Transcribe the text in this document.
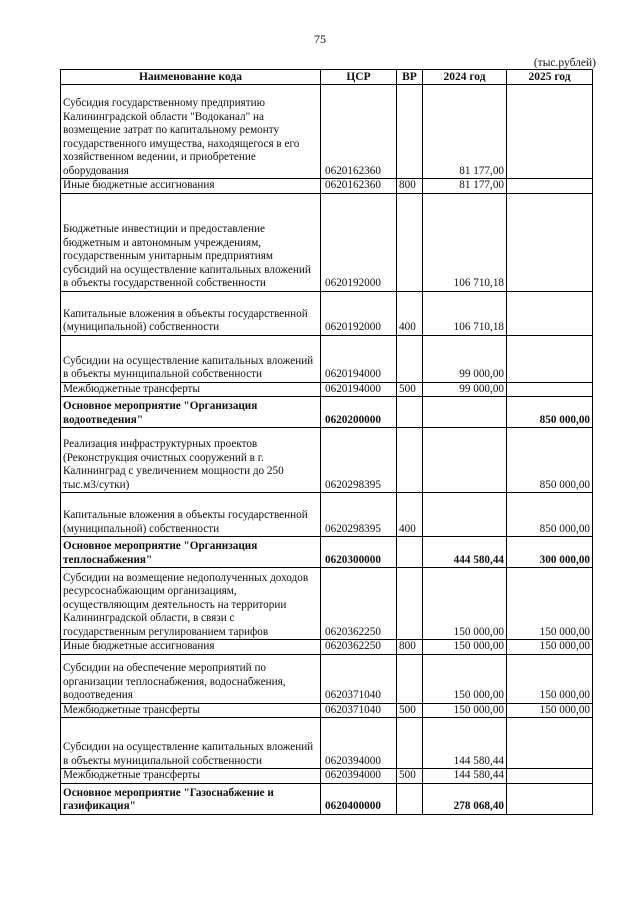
75
(тыс.рублей)
Наименование кода	ЦСР	ВР	2024 год	2025 год
Субсидия государственному предприятию Калининградской области "Водоканал" на возмещение затрат по капитальному ремонту государственного имущества, находящегося в его хозяйственном ведении, и приобретение оборудования	0620162360		81 177,00	
Иные бюджетные ассигнования	0620162360	800	81 177,00	
Бюджетные инвестиции и предоставление бюджетным и автономным учреждениям, государственным унитарным предприятиям субсидий на осуществление капитальных вложений в объекты государственной собственности	0620192000		106 710,18	
Капитальные вложения в объекты государственной (муниципальной) собственности	0620192000	400	106 710,18	
Субсидии на осуществление капитальных вложений в объекты муниципальной собственности	0620194000		99 000,00	
Межбюджетные трансферты	0620194000	500	99 000,00	
Основное мероприятие "Организация водоотведения"	0620200000			850 000,00
Реализация инфраструктурных проектов (Реконструкция очистных сооружений в г. Калининград с увеличением мощности до 250 тыс.м3/сутки)	0620298395			850 000,00
Капитальные вложения в объекты государственной (муниципальной) собственности	0620298395	400		850 000,00
Основное мероприятие "Организация теплоснабжения"	0620300000		444 580,44	300 000,00
Субсидии на возмещение недополученных доходов ресурсоснабжающим организациям, осуществляющим деятельность на территории Калининградской области, в связи с государственным регулированием тарифов	0620362250		150 000,00	150 000,00
Иные бюджетные ассигнования	0620362250	800	150 000,00	150 000,00
Субсидии на обеспечение мероприятий по организации теплоснабжения, водоснабжения, водоотведения	0620371040		150 000,00	150 000,00
Межбюджетные трансферты	0620371040	500	150 000,00	150 000,00
Субсидии на осуществление капитальных вложений в объекты муниципальной собственности	0620394000		144 580,44	
Межбюджетные трансферты	0620394000	500	144 580,44	
Основное мероприятие "Газоснабжение и газификация"	0620400000		278 068,40	
